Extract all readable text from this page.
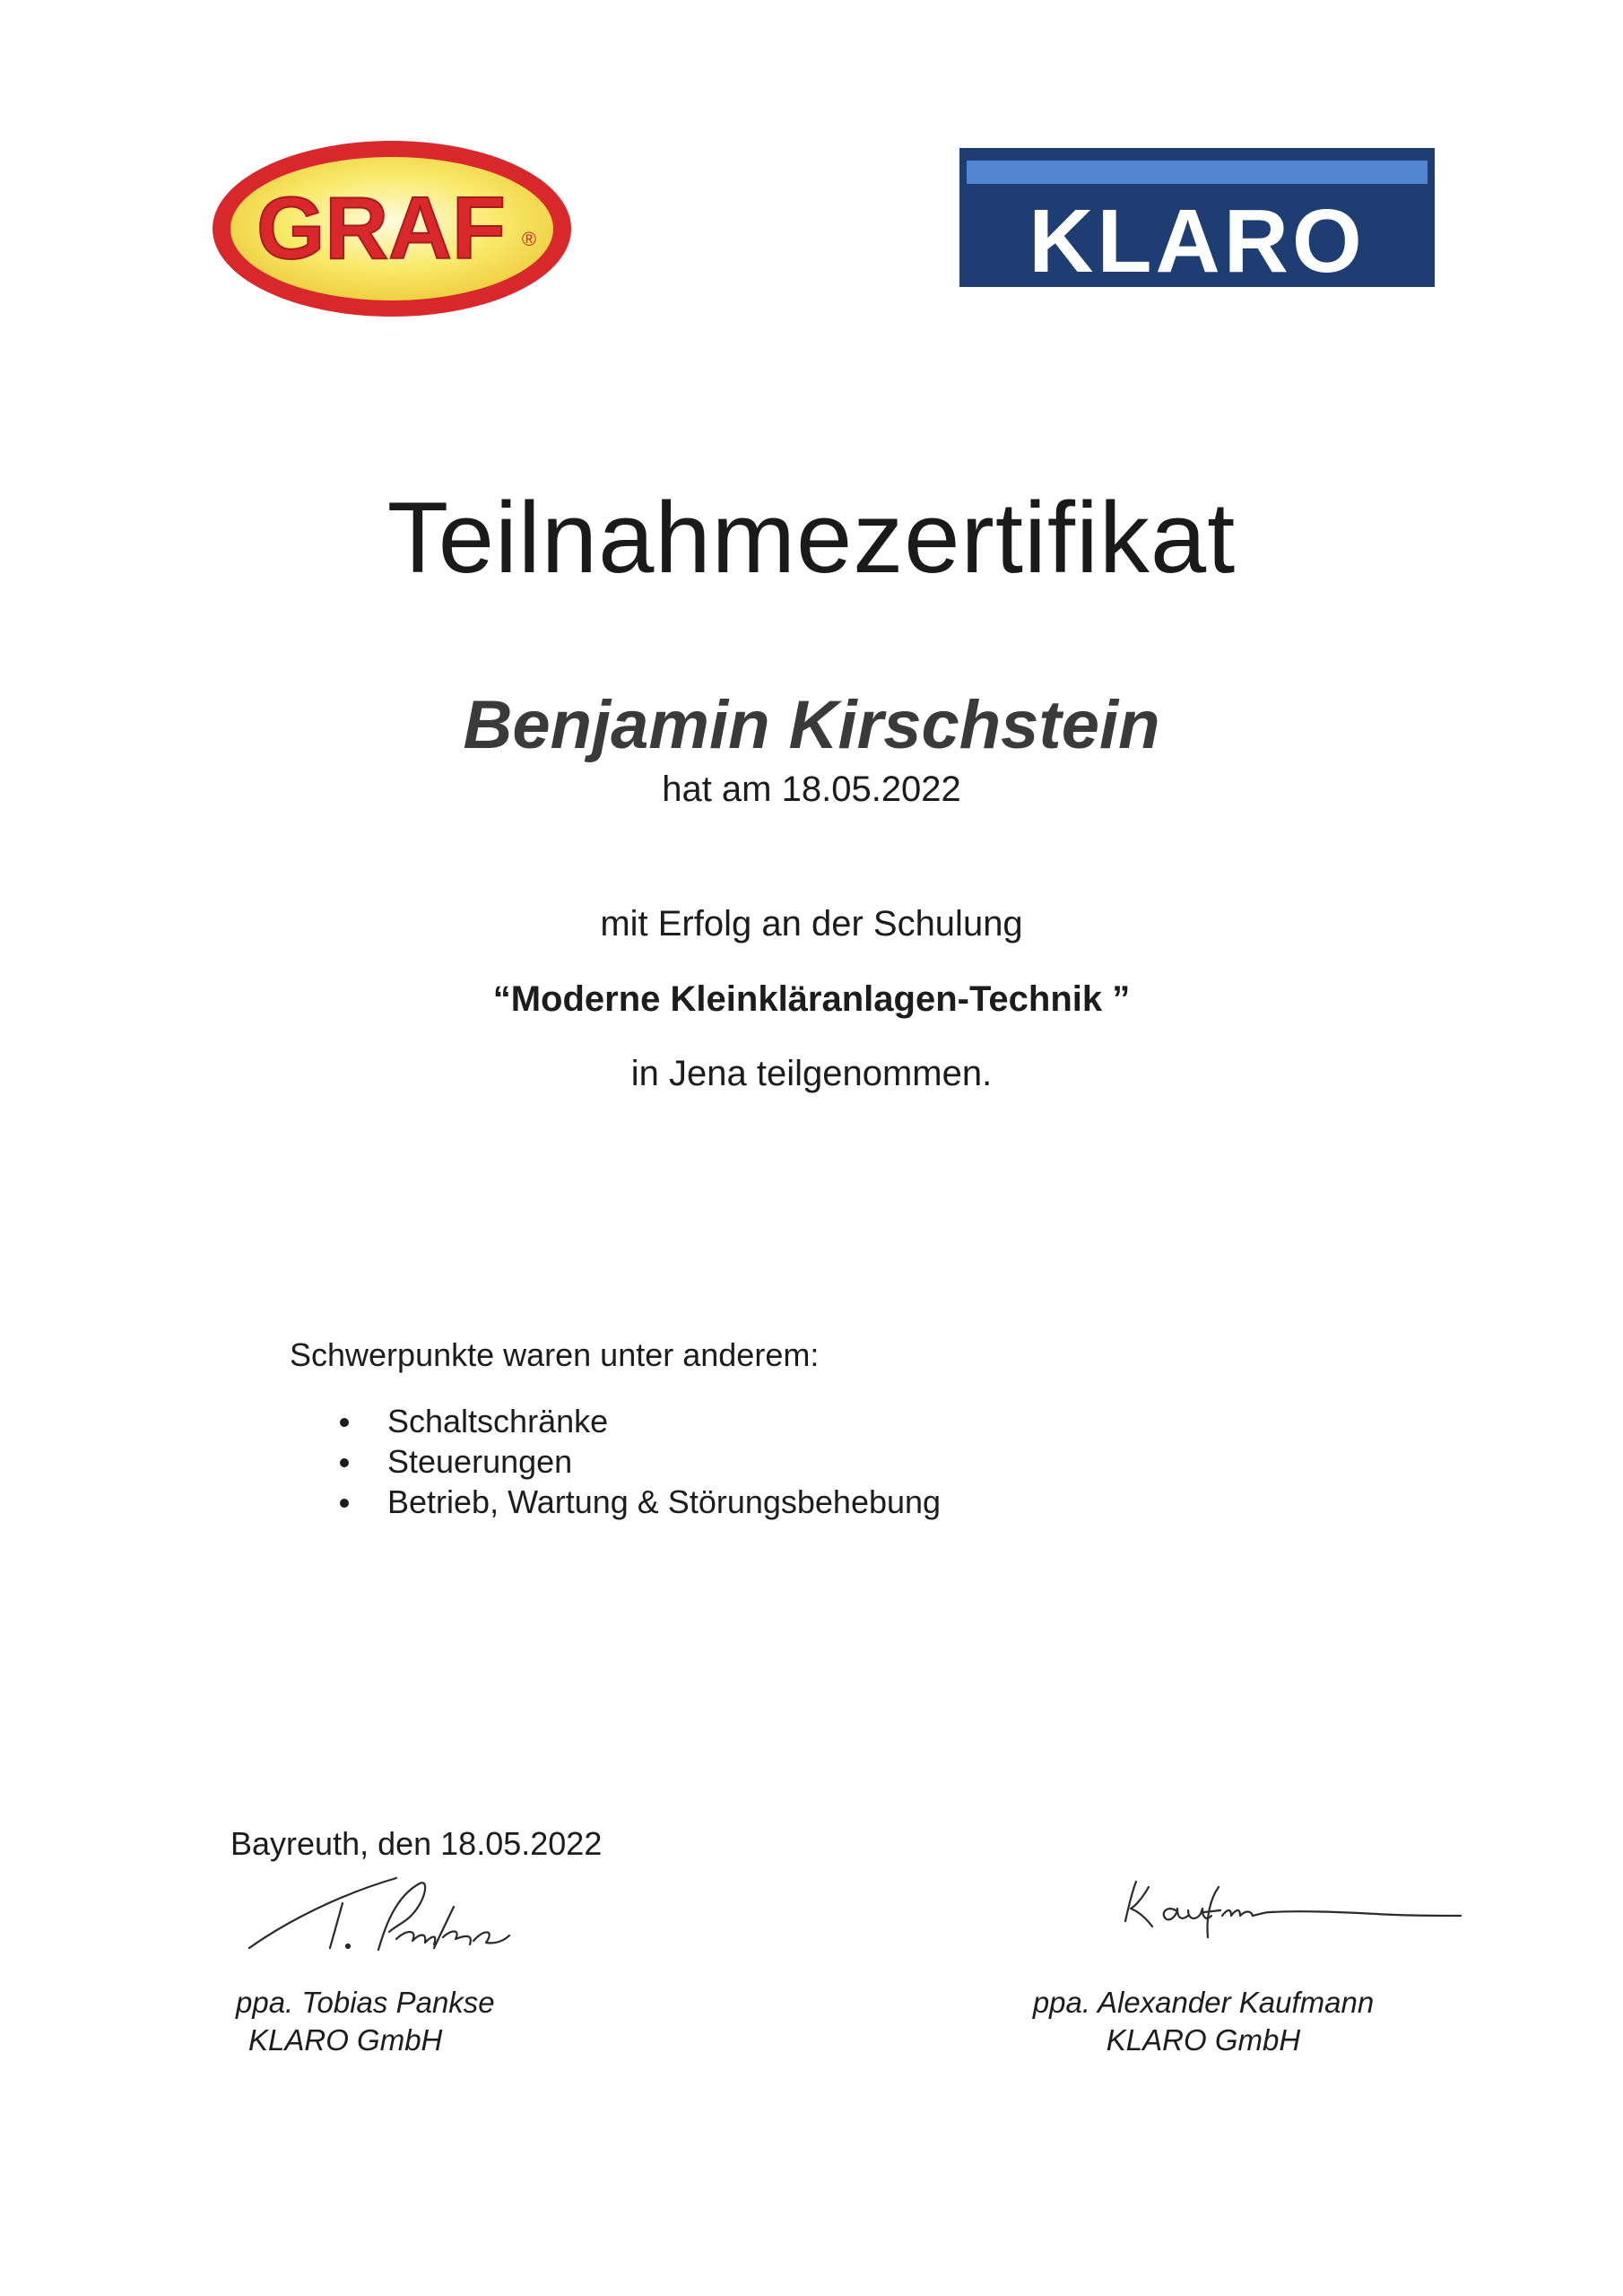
GRAF ®	KLARO
Teilnahmezertifikat
Benjamin Kirschstein
hat am 18.05.2022
mit Erfolg an der Schulung
“Moderne Kleinkläranlagen-Technik ”
in Jena teilgenommen.
Schwerpunkte waren unter anderem:
Schaltschränke
Steuerungen
Betrieb, Wartung & Störungsbehebung
Bayreuth, den 18.05.2022
ppa. Tobias Pankse
KLARO GmbH
ppa. Alexander Kaufmann
KLARO GmbH
